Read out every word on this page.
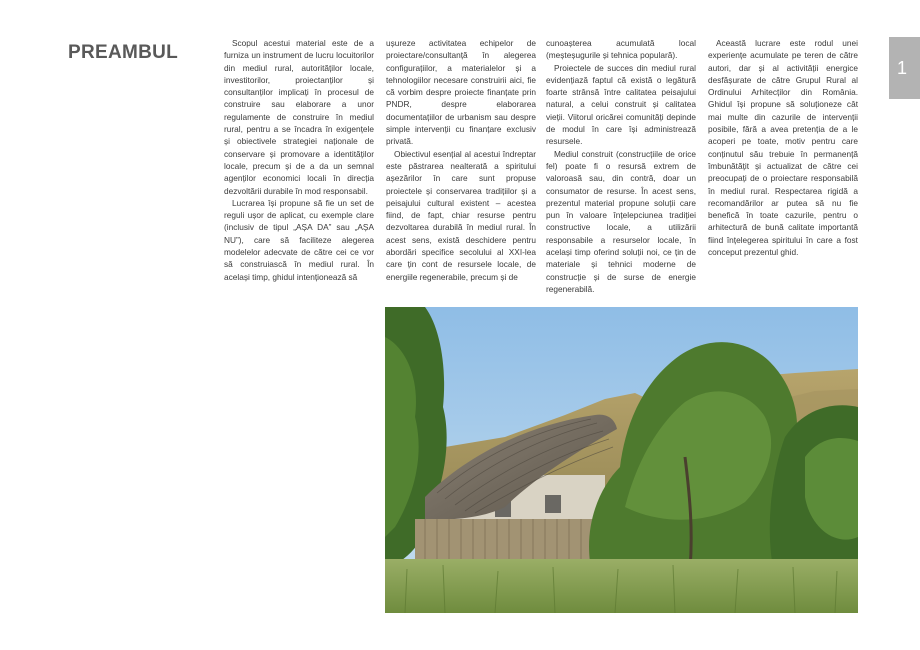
PREAMBUL	Scopul acestui material este de a furniza un instrument de lucru locuitorilor din mediul rural, autorităților locale, investitorilor, proiectanților și consultanților implicați în procesul de construire sau elaborare a unor regulamente de construire în mediul rural, pentru a se încadra în exigențele și obiectivele strategiei naționale de conservare și promovare a identităților locale, precum și de a da un semnal agenților economici locali în direcția dezvoltării durabile în mod responsabil.

Lucrarea își propune să fie un set de reguli ușor de aplicat, cu exemple clare (inclusiv de tipul „AȘA DA” sau „AȘA NU”), care să faciliteze alegerea modelelor adecvate de către cei ce vor să construiască în mediul rural. În același timp, ghidul intenționează să

ușureze activitatea echipelor de proiectare/consultanță în alegerea configurațiilor, a materialelor și a tehnologiilor necesare construirii aici, fie că vorbim despre proiecte finanțate prin PNDR, despre elaborarea documentațiilor de urbanism sau despre simple intervenții cu finanțare exclusiv privată.

Obiectivul esențial al acestui îndreptar este păstrarea nealterată a spiritului așezărilor în care sunt propuse proiectele și conservarea tradițiilor și a peisajului cultural existent – acestea fiind, de fapt, chiar resurse pentru dezvoltarea durabilă în mediul rural. În acest sens, există deschidere pentru abordări specifice secolului al XXI-lea care țin cont de resursele locale, de energiile regenerabile, precum și de

cunoașterea acumulată local (meșteșugurile și tehnica populară).

Proiectele de succes din mediul rural evidențiază faptul că există o legătură foarte strânsă între calitatea peisajului natural, a celui construit și calitatea vieții. Viitorul oricărei comunități depinde de modul în care își administrează resursele.

Mediul construit (construcțiile de orice fel) poate fi o resursă extrem de valoroasă sau, din contră, doar un consumator de resurse. În acest sens, prezentul material propune soluții care pun în valoare înțelepciunea tradiției constructive locale, a utilizării responsabile a resurselor locale, în același timp oferind soluții noi, ce țin de materiale și tehnici moderne de construcție și de surse de energie regenerabilă.

Această lucrare este rodul unei experiențe acumulate pe teren de către autori, dar și al activității energice desfășurate de către Grupul Rural al Ordinului Arhitecților din România. Ghidul își propune să soluționeze cât mai multe din cazurile de intervenții posibile, fără a avea pretenția de a le acoperi pe toate, motiv pentru care conținutul său trebuie în permanență îmbunătățit și actualizat de către cei preocupați de o proiectare responsabilă în mediul rural. Respectarea rigidă a recomandărilor ar putea să nu fie benefică în toate cazurile, pentru o arhitectură de bună calitate importantă fiind înțelegerea spiritului în care a fost conceput prezentul ghid.

1
